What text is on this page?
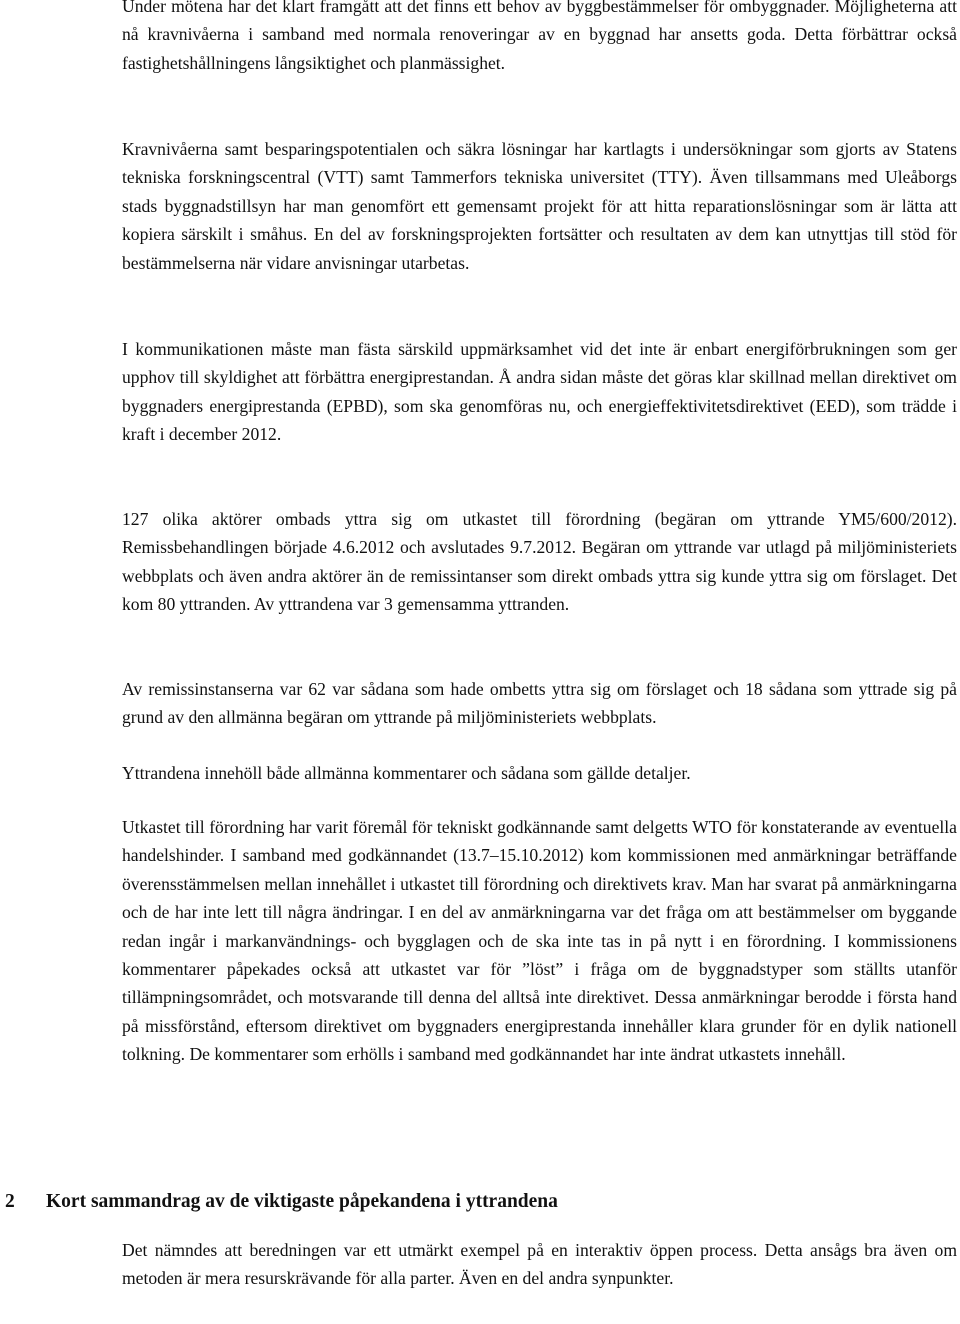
Under mötena har det klart framgått att det finns ett behov av byggbestämmelser för ombyggnader. Möjligheterna att nå kravnivåerna i samband med normala renoveringar av en byggnad har ansetts goda. Detta förbättrar också fastighetshållningens långsiktighet och planmässighet.

Kravnivåerna samt besparingspotentialen och säkra lösningar har kartlagts i undersökningar som gjorts av Statens tekniska forskningscentral (VTT) samt Tammerfors tekniska universitet (TTY). Även tillsammans med Uleåborgs stads byggnadstillsyn har man genomfört ett gemensamt projekt för att hitta reparationslösningar som är lätta att kopiera särskilt i småhus. En del av forskningsprojekten fortsätter och resultaten av dem kan utnyttjas till stöd för bestämmelserna när vidare anvisningar utarbetas.

I kommunikationen måste man fästa särskild uppmärksamhet vid det inte är enbart energiförbrukningen som ger upphov till skyldighet att förbättra energiprestandan. Å andra sidan måste det göras klar skillnad mellan direktivet om byggnaders energiprestanda (EPBD), som ska genomföras nu, och energieffektivitetsdirektivet (EED), som trädde i kraft i december 2012.

127 olika aktörer ombads yttra sig om utkastet till förordning (begäran om yttrande YM5/600/2012). Remissbehandlingen började 4.6.2012 och avslutades 9.7.2012. Begäran om yttrande var utlagd på miljöministeriets webbplats och även andra aktörer än de remissintanser som direkt ombads yttra sig kunde yttra sig om förslaget. Det kom 80 yttranden. Av yttrandena var 3 gemensamma yttranden.

Av remissinstanserna var 62 var sådana som hade ombetts yttra sig om förslaget och 18 sådana som yttrade sig på grund av den allmänna begäran om yttrande på miljöministeriets webbplats.

Yttrandena innehöll både allmänna kommentarer och sådana som gällde detaljer.

Utkastet till förordning har varit föremål för tekniskt godkännande samt delgetts WTO för konstaterande av eventuella handelshinder. I samband med godkännandet (13.7–15.10.2012) kom kommissionen med anmärkningar beträffande överensstämmelsen mellan innehållet i utkastet till förordning och direktivets krav. Man har svarat på anmärkningarna och de har inte lett till några ändringar. I en del av anmärkningarna var det fråga om att bestämmelser om byggande redan ingår i markanvändnings- och bygglagen och de ska inte tas in på nytt i en förordning. I kommissionens kommentarer påpekades också att utkastet var för ”löst” i fråga om de byggnadstyper som ställts utanför tillämpningsområdet, och motsvarande till denna del alltså inte direktivet. Dessa anmärkningar berodde i första hand på missförstånd, eftersom direktivet om byggnaders energiprestanda innehåller klara grunder för en dylik nationell tolkning. De kommentarer som erhölls i samband med godkännandet har inte ändrat utkastets innehåll.

2 Kort sammandrag av de viktigaste påpekandena i yttrandena

Det nämndes att beredningen var ett utmärkt exempel på en interaktiv öppen process. Detta ansågs bra även om metoden är mera resurskrävande för alla parter. Även en del andra synpunkter.
